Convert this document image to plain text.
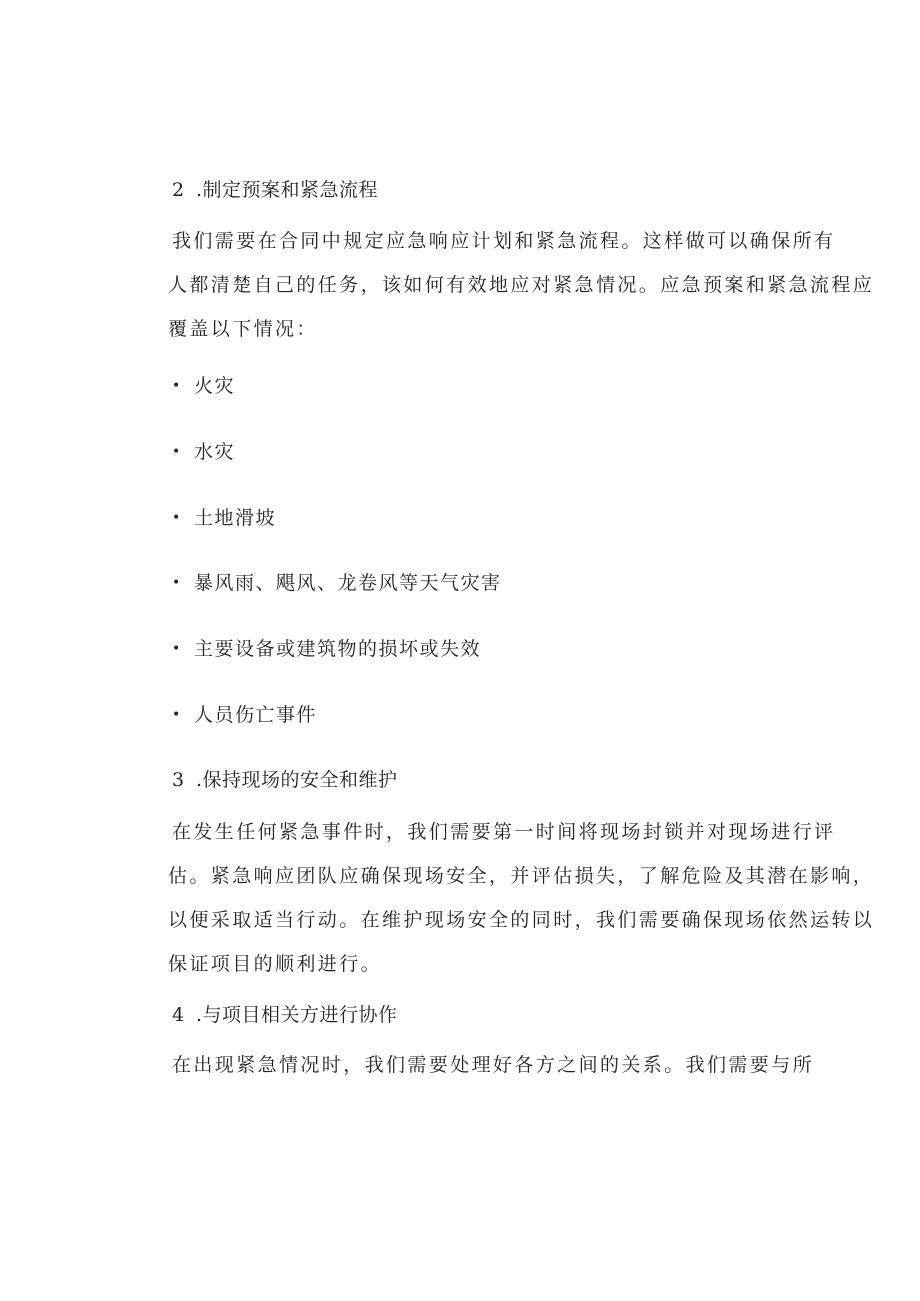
2 .制定预案和紧急流程
我们需要在合同中规定应急响应计划和紧急流程。这样做可以确保所有
人都清楚自己的任务，该如何有效地应对紧急情况。应急预案和紧急流程应
覆盖以下情况：
• 火灾
• 水灾
• 土地滑坡
• 暴风雨、飓风、龙卷风等天气灾害
• 主要设备或建筑物的损坏或失效
• 人员伤亡事件
3 .保持现场的安全和维护
在发生任何紧急事件时，我们需要第一时间将现场封锁并对现场进行评
估。紧急响应团队应确保现场安全，并评估损失，了解危险及其潜在影响，
以便采取适当行动。在维护现场安全的同时，我们需要确保现场依然运转以
保证项目的顺利进行。
4 .与项目相关方进行协作
在出现紧急情况时，我们需要处理好各方之间的关系。我们需要与所
